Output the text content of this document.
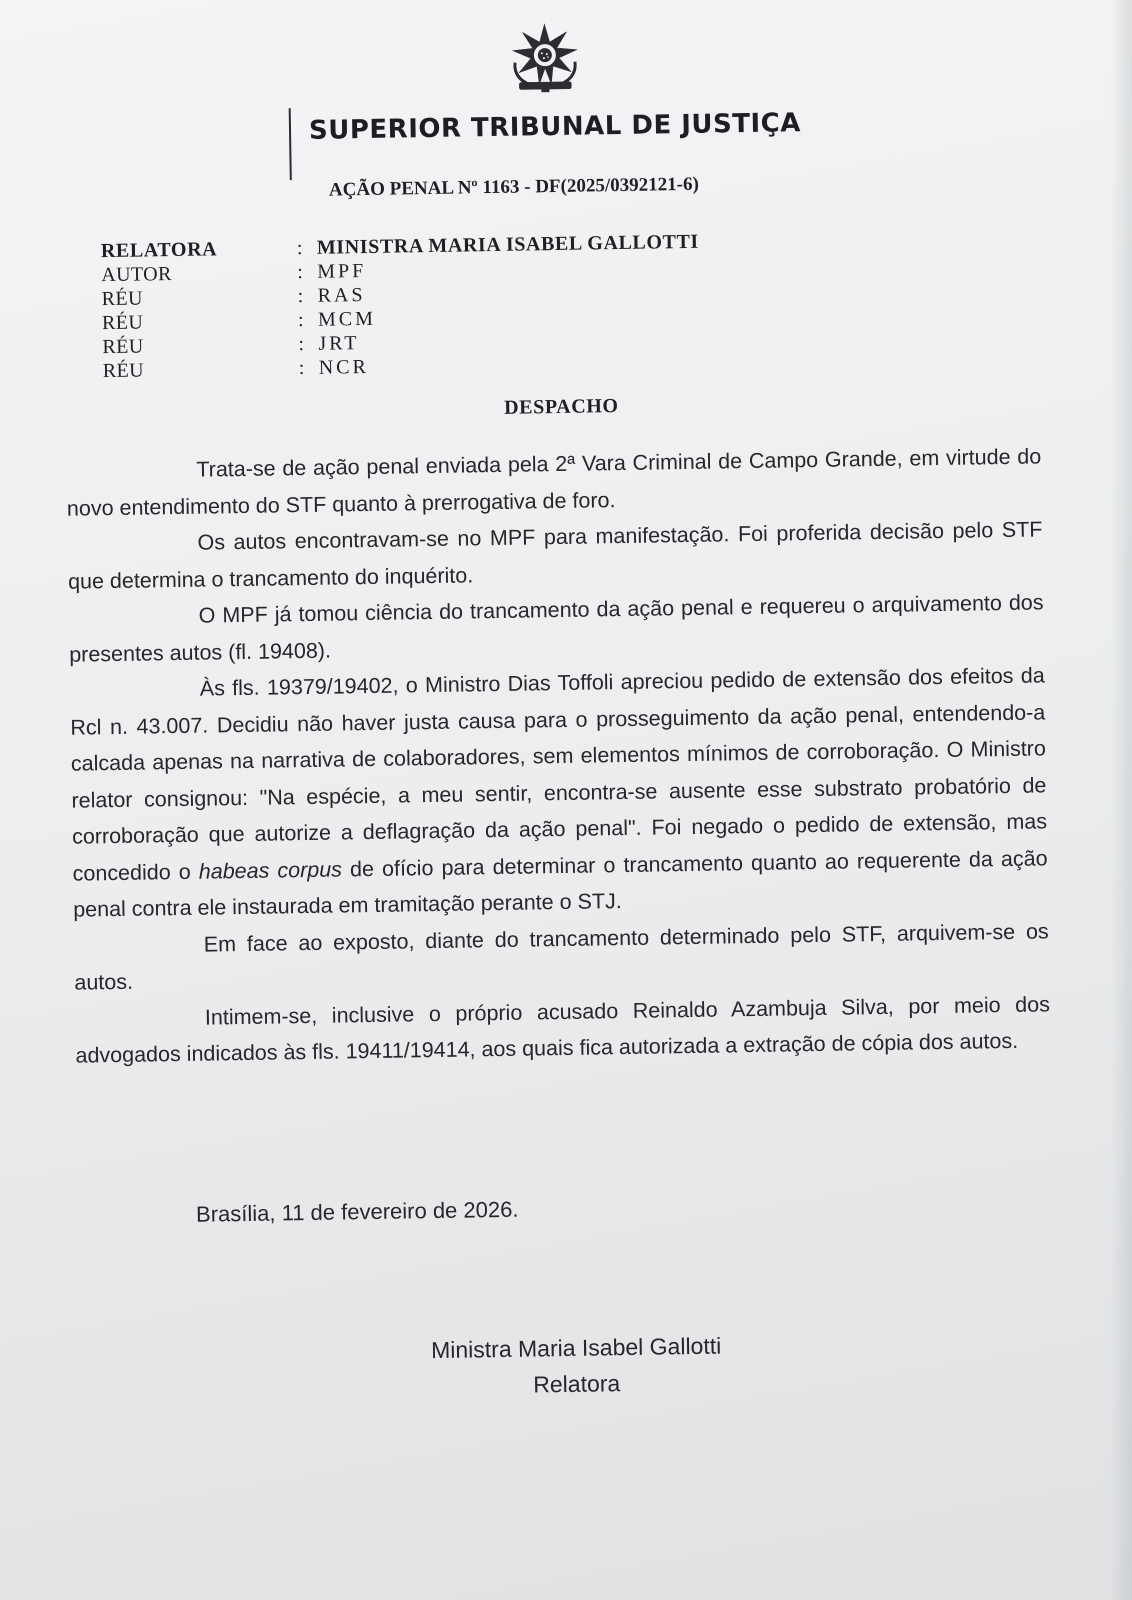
SUPERIOR TRIBUNAL DE JUSTIÇA
AÇÃO PENAL Nº 1163 - DF(2025/0392121-6)
RELATORA	: MINISTRA MARIA ISABEL GALLOTTI
AUTOR	: MPF
RÉU	: RAS
RÉU	: MCM
RÉU	: JRT
RÉU	: NCR
DESPACHO

Trata-se de ação penal enviada pela 2ª Vara Criminal de Campo Grande, em virtude do novo entendimento do STF quanto à prerrogativa de foro.

Os autos encontravam-se no MPF para manifestação. Foi proferida decisão pelo STF que determina o trancamento do inquérito.

O MPF já tomou ciência do trancamento da ação penal e requereu o arquivamento dos presentes autos (fl. 19408).

Às fls. 19379/19402, o Ministro Dias Toffoli apreciou pedido de extensão dos efeitos da Rcl n. 43.007. Decidiu não haver justa causa para o prosseguimento da ação penal, entendendo-a calcada apenas na narrativa de colaboradores, sem elementos mínimos de corroboração. O Ministro relator consignou: "Na espécie, a meu sentir, encontra-se ausente esse substrato probatório de corroboração que autorize a deflagração da ação penal". Foi negado o pedido de extensão, mas concedido o habeas corpus de ofício para determinar o trancamento quanto ao requerente da ação penal contra ele instaurada em tramitação perante o STJ.

Em face ao exposto, diante do trancamento determinado pelo STF, arquivem-se os autos.

Intimem-se, inclusive o próprio acusado Reinaldo Azambuja Silva, por meio dos advogados indicados às fls. 19411/19414, aos quais fica autorizada a extração de cópia dos autos.

Brasília, 11 de fevereiro de 2026.
Ministra Maria Isabel Gallotti
Relatora
